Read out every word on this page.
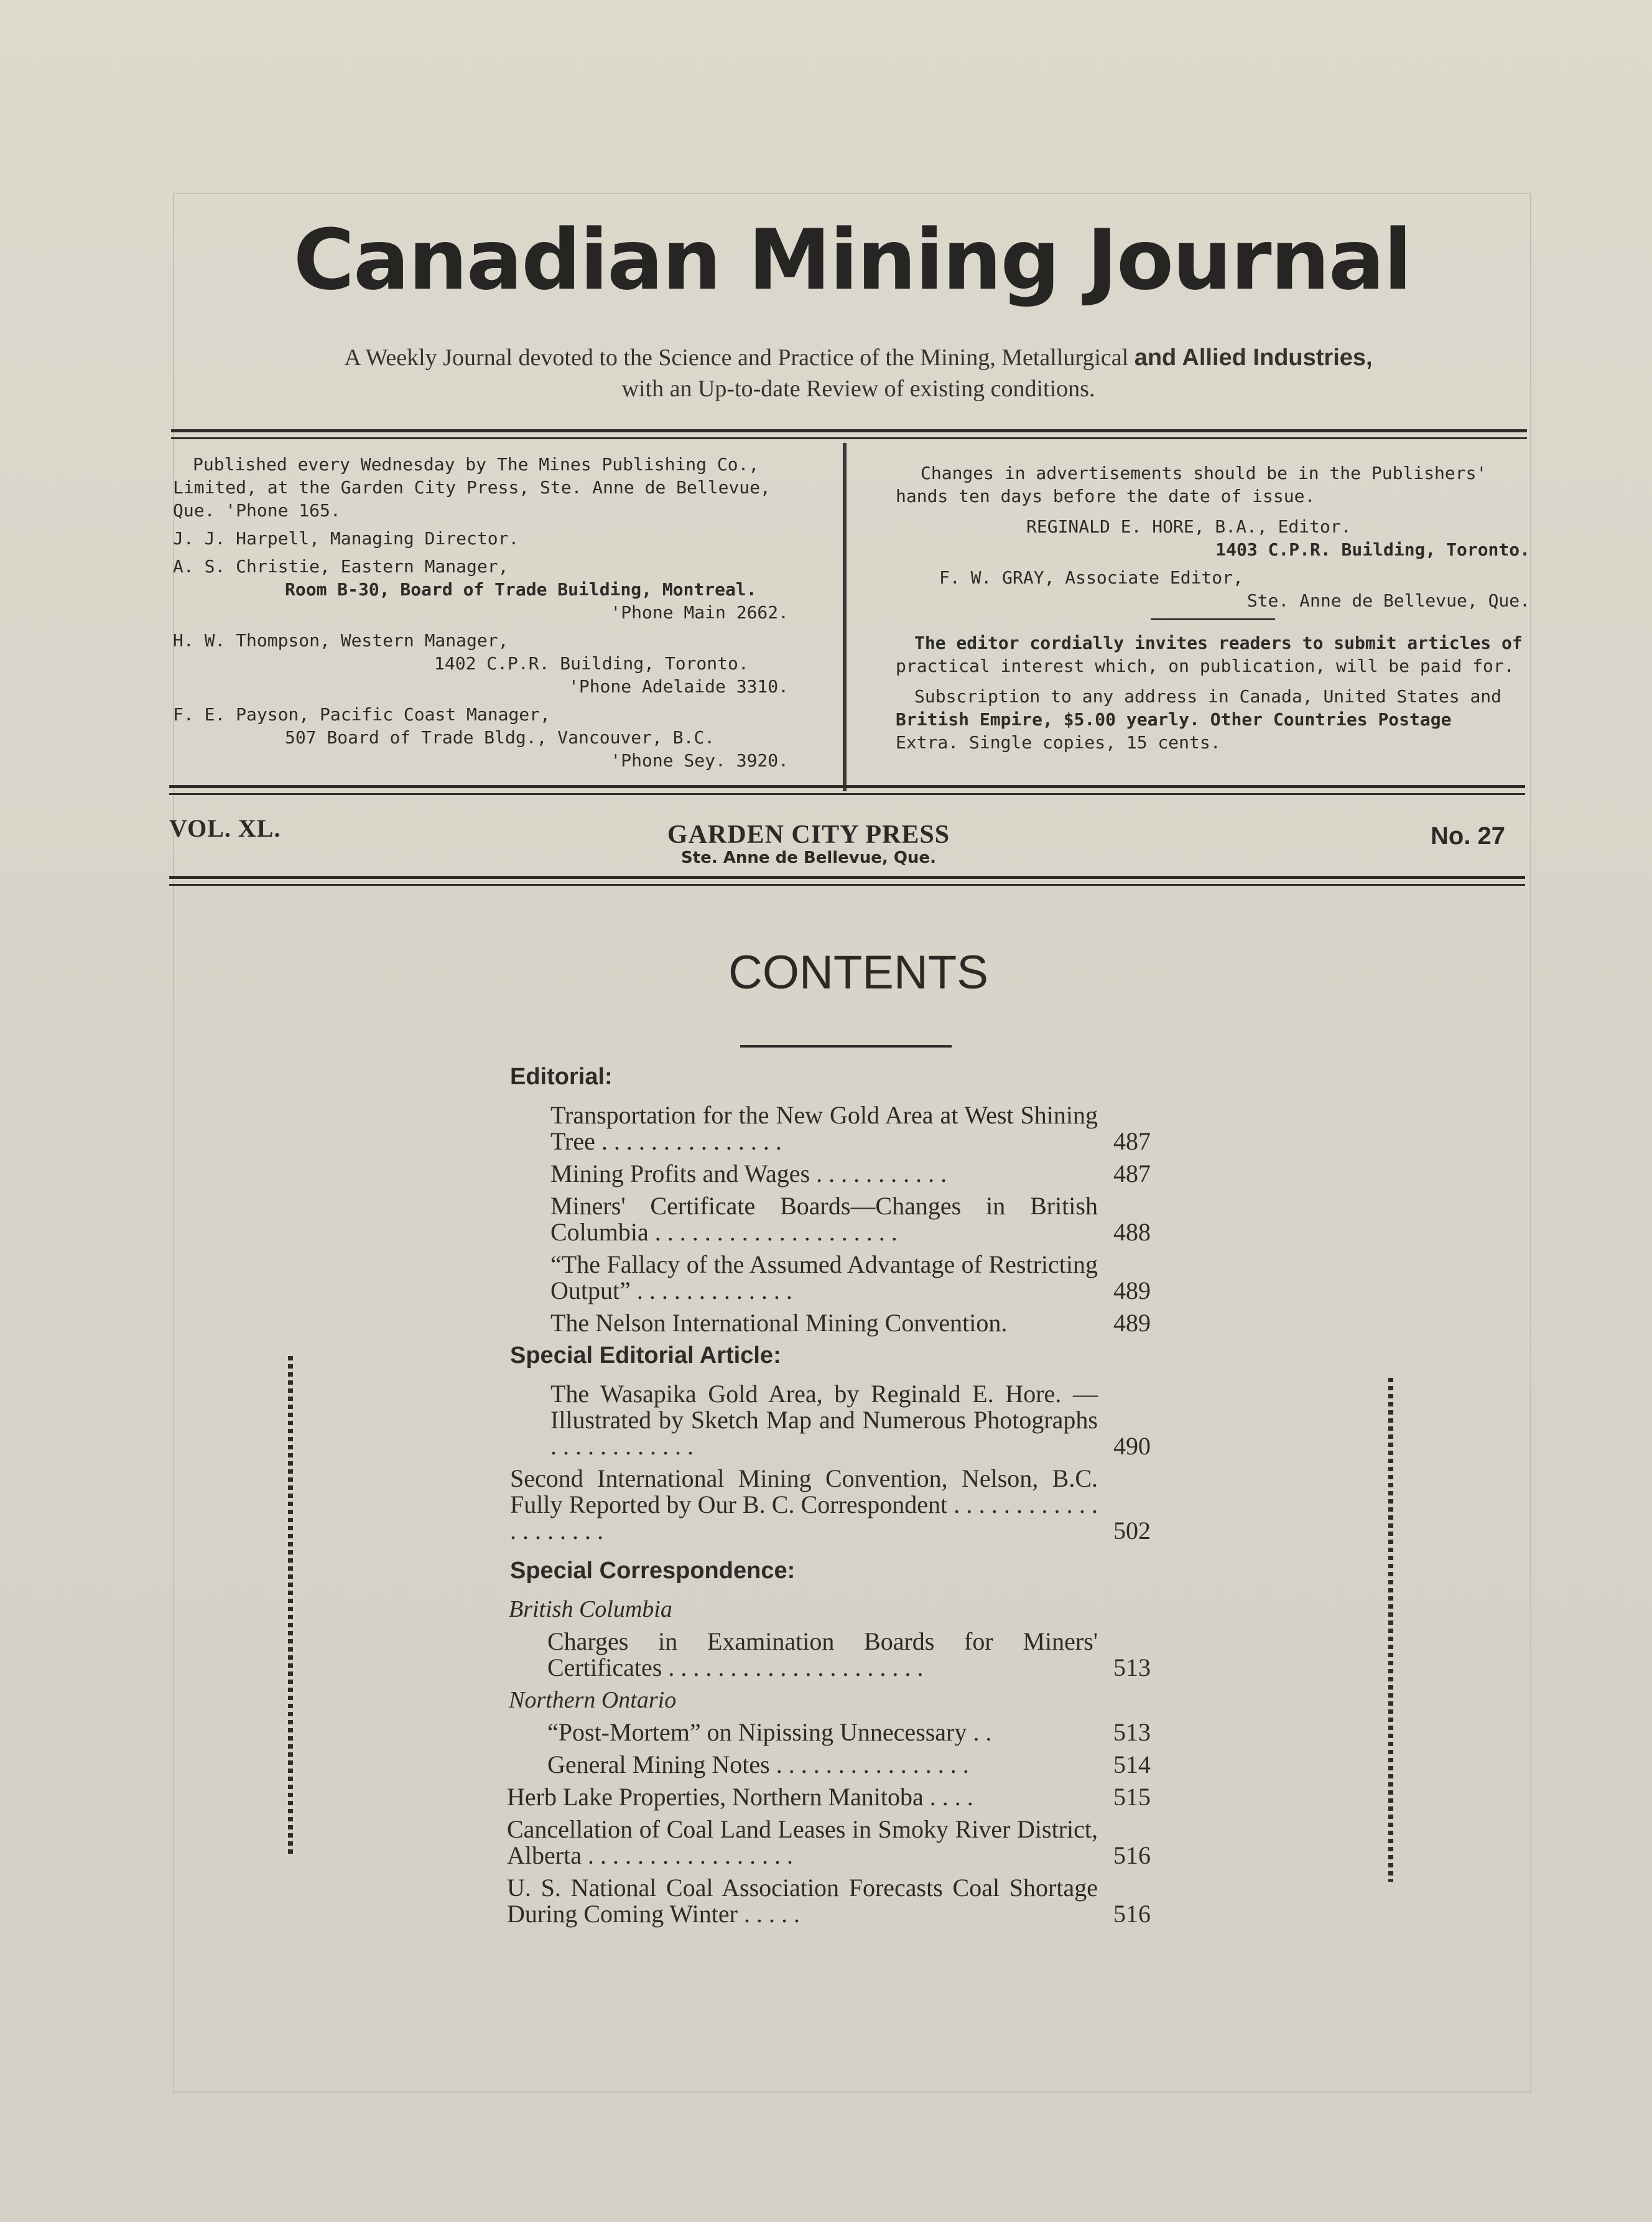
Canadian Mining Journal
A Weekly Journal devoted to the Science and Practice of the Mining, Metallurgical and Allied Industries,
with an Up-to-date Review of existing conditions.

Published every Wednesday by The Mines Publishing Co.,

Limited, at the Garden City Press, Ste. Anne de Bellevue,

Que. 'Phone 165.

J. J. Harpell, Managing Director.

A. S. Christie, Eastern Manager,

Room B-30, Board of Trade Building, Montreal.

'Phone Main 2662.

H. W. Thompson, Western Manager,

1402 C.P.R. Building, Toronto.

'Phone Adelaide 3310.

F. E. Payson, Pacific Coast Manager,

507 Board of Trade Bldg., Vancouver, B.C.

'Phone Sey. 3920.

Changes in advertisements should be in the Publishers'

hands ten days before the date of issue.

REGINALD E. HORE, B.A., Editor.

1403 C.P.R. Building, Toronto.

F. W. GRAY, Associate Editor,

Ste. Anne de Bellevue, Que.

The editor cordially invites readers to submit articles of

practical interest which, on publication, will be paid for.

Subscription to any address in Canada, United States and

British Empire, $5.00 yearly. Other Countries Postage

Extra. Single copies, 15 cents.

VOL. XL.	GARDEN CITY PRESS
Ste. Anne de Bellevue, Que.
No. 27
CONTENTS
Editorial:
Transportation for the New Gold Area at West Shining Tree . . . . . . . . . . . . . . .	487
Mining Profits and Wages . . . . . . . . . . .	487
Miners' Certificate Boards—Changes in British Columbia . . . . . . . . . . . . . . . . . . . .	488
“The Fallacy of the Assumed Advantage of Restricting Output” . . . . . . . . . . . . .	489
The Nelson International Mining Convention.	489
Special Editorial Article:
The Wasapika Gold Area, by Reginald E. Hore. — Illustrated by Sketch Map and Numerous Photographs . . . . . . . . . . . .	490
Second International Mining Convention, Nelson, B.C. Fully Reported by Our B. C. Correspondent . . . . . . . . . . . . . . . . . . . .	502
Special Correspondence:
British Columbia
Charges in Examination Boards for Miners' Certificates . . . . . . . . . . . . . . . . . . . . .	513
Northern Ontario
“Post-Mortem” on Nipissing Unnecessary . .	513
General Mining Notes . . . . . . . . . . . . . . . .	514
Herb Lake Properties, Northern Manitoba . . . .	515
Cancellation of Coal Land Leases in Smoky River District, Alberta . . . . . . . . . . . . . . . . .	516
U. S. National Coal Association Forecasts Coal Shortage During Coming Winter . . . . .	516
